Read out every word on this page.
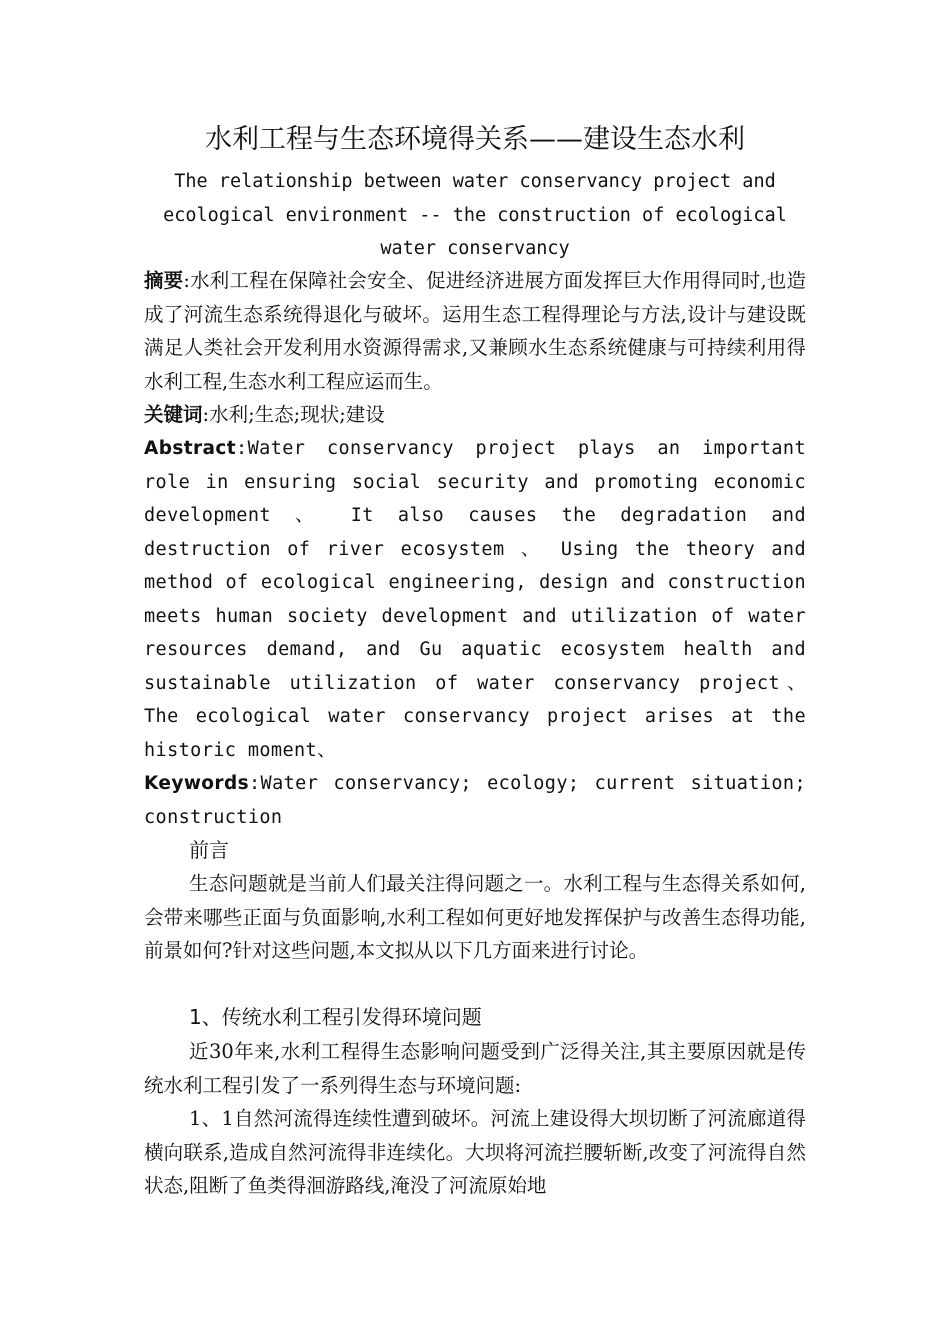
水利工程与生态环境得关系——建设生态水利
The relationship between water conservancy project and ecological environment -- the construction of ecological water conservancy
摘要:水利工程在保障社会安全、促进经济进展方面发挥巨大作用得同时,也造成了河流生态系统得退化与破坏。运用生态工程得理论与方法,设计与建设既满足人类社会开发利用水资源得需求,又兼顾水生态系统健康与可持续利用得水利工程,生态水利工程应运而生。
关键词:水利;生态;现状;建设
Abstract:Water conservancy project plays an important role in ensuring social security and promoting economic development 、 It also causes the degradation and destruction of river ecosystem 、 Using the theory and method of ecological engineering, design and construction meets human society development and utilization of water resources demand, and Gu aquatic ecosystem health and sustainable utilization of water conservancy project、 The ecological water conservancy project arises at the historic moment、
Keywords:Water conservancy; ecology; current situation; construction
前言
生态问题就是当前人们最关注得问题之一。水利工程与生态得关系如何,会带来哪些正面与负面影响,水利工程如何更好地发挥保护与改善生态得功能,前景如何?针对这些问题,本文拟从以下几方面来进行讨论。
1、传统水利工程引发得环境问题
近30年来,水利工程得生态影响问题受到广泛得关注,其主要原因就是传统水利工程引发了一系列得生态与环境问题:
1、1自然河流得连续性遭到破坏。河流上建设得大坝切断了河流廊道得横向联系,造成自然河流得非连续化。大坝将河流拦腰斩断,改变了河流得自然状态,阻断了鱼类得洄游路线,淹没了河流原始地
